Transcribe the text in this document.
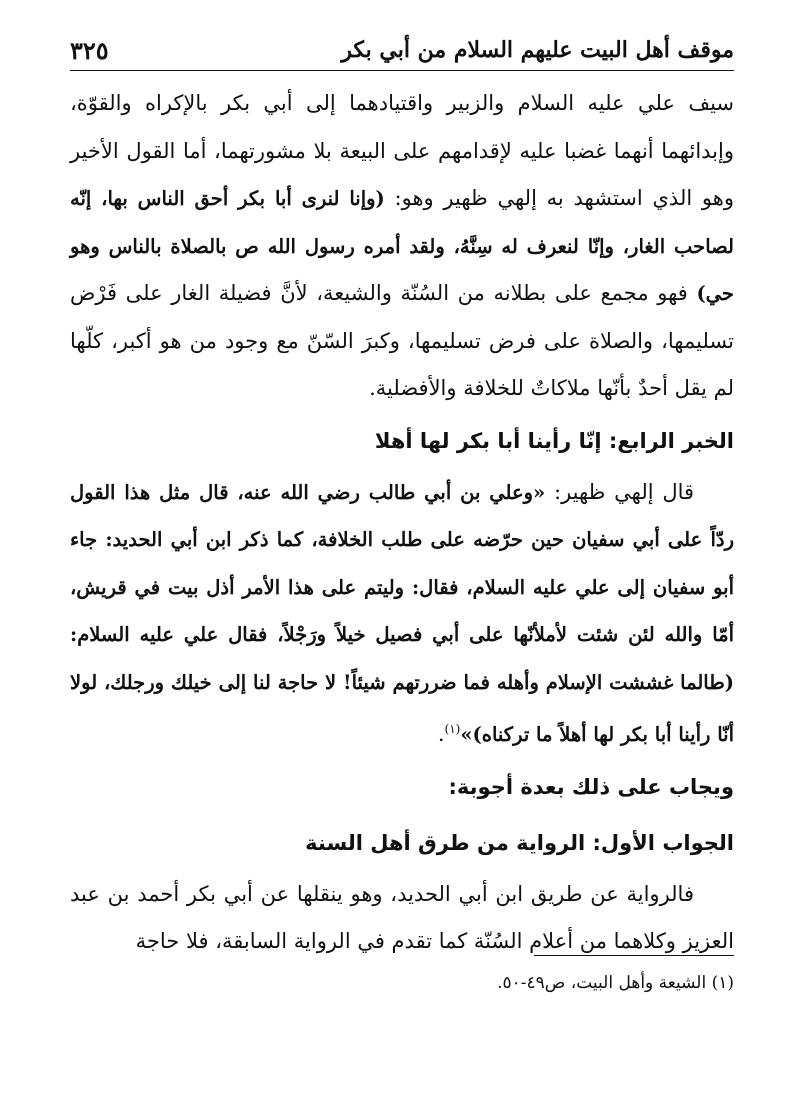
موقف أهل البيت عليهم السلام من أبي بكر
٣٢٥

سيف علي عليه السلام والزبير واقتيادهما إلى أبي بكر بالإكراه والقوّة، وإبدائهما أنهما غضبا عليه لإقدامهم على البيعة بلا مشورتهما، أما القول الأخير وهو الذي استشهد به إلهي ظهير وهو: (وإنا لنرى أبا بكر أحق الناس بها، إنّه لصاحب الغار، وإنّا لنعرف له سِنَّهُ، ولقد أمره رسول الله ص بالصلاة بالناس وهو حي) فهو مجمع على بطلانه من السُنّة والشيعة، لأنَّ فضيلة الغار على فَرْض تسليمها، والصلاة على فرض تسليمها، وكبرَ السّنّ مع وجود من هو أكبر، كلّها لم يقل أحدٌ بأنّها ملاكاتٌ للخلافة والأفضلية.

الخبر الرابع: إنّا رأينا أبا بكر لها أهلا

قال إلهي ظهير: «وعلي بن أبي طالب رضي الله عنه، قال مثل هذا القول ردّاً على أبي سفيان حين حرّضه على طلب الخلافة، كما ذكر ابن أبي الحديد: جاء أبو سفيان إلى علي عليه السلام، فقال: وليتم على هذا الأمر أذل بيت في قريش، أمّا والله لئن شئت لأملأنّها على أبي فصيل خيلاً ورَجْلاً، فقال علي عليه السلام: (طالما غششت الإسلام وأهله فما ضررتهم شيئاً! لا حاجة لنا إلى خيلك ورجلك، لولا أنّا رأينا أبا بكر لها أهلاً ما تركناه)»$^{(١)}$.

ويجاب على ذلك بعدة أجوبة:

الجواب الأول: الرواية من طرق أهل السنة

فالرواية عن طريق ابن أبي الحديد، وهو ينقلها عن أبي بكر أحمد بن عبد العزيز وكلاهما من أعلام السُنّة كما تقدم في الرواية السابقة، فلا حاجة

(١) الشيعة وأهل البيت، ص٤٩-٥٠.
